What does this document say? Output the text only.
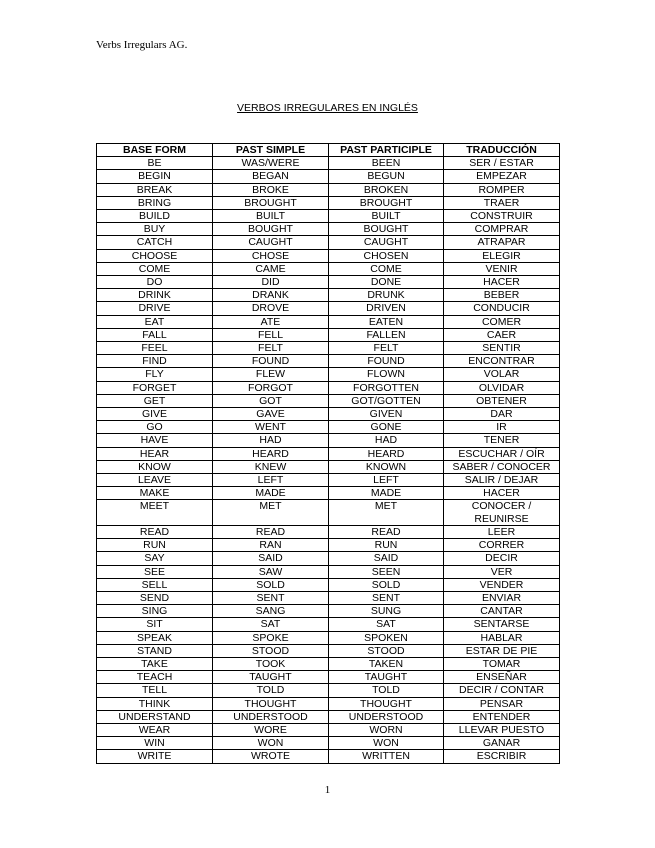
Verbs Irregulars AG.
VERBOS IRREGULARES EN INGLÉS
BASE FORM	PAST SIMPLE	PAST PARTICIPLE	TRADUCCIÓN
BE	WAS/WERE	BEEN	SER / ESTAR
BEGIN	BEGAN	BEGUN	EMPEZAR
BREAK	BROKE	BROKEN	ROMPER
BRING	BROUGHT	BROUGHT	TRAER
BUILD	BUILT	BUILT	CONSTRUIR
BUY	BOUGHT	BOUGHT	COMPRAR
CATCH	CAUGHT	CAUGHT	ATRAPAR
CHOOSE	CHOSE	CHOSEN	ELEGIR
COME	CAME	COME	VENIR
DO	DID	DONE	HACER
DRINK	DRANK	DRUNK	BEBER
DRIVE	DROVE	DRIVEN	CONDUCIR
EAT	ATE	EATEN	COMER
FALL	FELL	FALLEN	CAER
FEEL	FELT	FELT	SENTIR
FIND	FOUND	FOUND	ENCONTRAR
FLY	FLEW	FLOWN	VOLAR
FORGET	FORGOT	FORGOTTEN	OLVIDAR
GET	GOT	GOT/GOTTEN	OBTENER
GIVE	GAVE	GIVEN	DAR
GO	WENT	GONE	IR
HAVE	HAD	HAD	TENER
HEAR	HEARD	HEARD	ESCUCHAR / OÍR
KNOW	KNEW	KNOWN	SABER / CONOCER
LEAVE	LEFT	LEFT	SALIR / DEJAR
MAKE	MADE	MADE	HACER
MEET	MET	MET	CONOCER / REUNIRSE
READ	READ	READ	LEER
RUN	RAN	RUN	CORRER
SAY	SAID	SAID	DECIR
SEE	SAW	SEEN	VER
SELL	SOLD	SOLD	VENDER
SEND	SENT	SENT	ENVIAR
SING	SANG	SUNG	CANTAR
SIT	SAT	SAT	SENTARSE
SPEAK	SPOKE	SPOKEN	HABLAR
STAND	STOOD	STOOD	ESTAR DE PIE
TAKE	TOOK	TAKEN	TOMAR
TEACH	TAUGHT	TAUGHT	ENSEÑAR
TELL	TOLD	TOLD	DECIR / CONTAR
THINK	THOUGHT	THOUGHT	PENSAR
UNDERSTAND	UNDERSTOOD	UNDERSTOOD	ENTENDER
WEAR	WORE	WORN	LLEVAR PUESTO
WIN	WON	WON	GANAR
WRITE	WROTE	WRITTEN	ESCRIBIR
1
